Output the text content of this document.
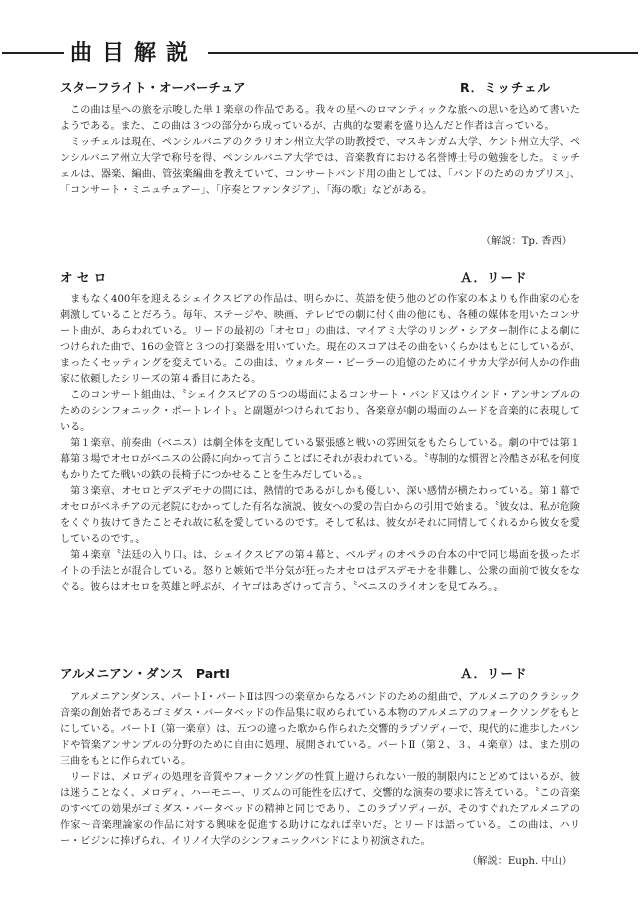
曲目解説
スターフライト・オーバーチュア	R．ミッチェル

この曲は星への旅を示唆した単１楽章の作品である。我々の星へのロマンティックな旅への思いを込めて書いたようである。また、この曲は３つの部分から成っているが、古典的な要素を盛り込んだと作者は言っている。

ミッチェルは現在、ペンシルバニアのクラリオン州立大学の助教授で、マスキンガム大学、ケント州立大学、ペンシルバニア州立大学で称号を得、ペンシルバニア大学では、音楽教育における名誉博士号の勉強をした。ミッチェルは、器楽、編曲、管弦楽編曲を教えていて、コンサートバンド用の曲としては、「バンドのためのカプリス」、「コンサート・ミニュチュアー」、「序奏とファンタジア」、「海の歌」などがある。

（解説：Tp. 香西）
オ セ ロ	Ａ．リード

まもなく400年を迎えるシェイクスピアの作品は、明らかに、英語を使う他のどの作家の本よりも作曲家の心を刺激していることだろう。毎年、ステージや、映画、テレビでの劇に付く曲の他にも、各種の媒体を用いたコンサート曲が、あらわれている。リードの最初の「オセロ」の曲は、マイアミ大学のリング・シアター制作による劇につけられた曲で、16の金管と３つの打楽器を用いていた。現在のスコアはその曲をいくらかはもとにしているが、まったくセッティングを変えている。この曲は、ウォルター・ビーラーの追憶のためにイサカ大学が何人かの作曲家に依頼したシリーズの第４番目にあたる。

このコンサート組曲は、〝シェイクスピアの５つの場面によるコンサート・バンド又はウインド・アンサンブルのためのシンフォニック・ポートレイト〟と副題がつけられており、各楽章が劇の場面のムードを音楽的に表現している。

第１楽章、前奏曲（ベニス）は劇全体を支配している緊張感と戦いの雰囲気をもたらしている。劇の中では第１幕第３場でオセロがベニスの公爵に向かって言うことばにそれが表われている。〝専制的な慣習と冷酷さが私を何度もかりたてた戦いの鉄の長椅子につかせることを生みだしている。〟

第３楽章、オセロとデスデモナの間には、熱情的であるがしかも優しい、深い感情が横たわっている。第１幕でオセロがベネチアの元老院にむかってした有名な演説、彼女への愛の告白からの引用で始まる。〝彼女は、私が危険をくぐり抜けてきたことそれ故に私を愛しているのです。そして私は、彼女がそれに同情してくれるから彼女を愛しているのです。〟

第４楽章〝法廷の入り口〟は、シェイクスピアの第４幕と、ベルディのオペラの台本の中で同じ場面を扱ったボイトの手法とが混合している。怒りと嫉妬で半分気が狂ったオセロはデスデモナを非難し、公衆の面前で彼女をなぐる。彼らはオセロを英雄と呼ぶが、イヤゴはあざけって言う、〝ベニスのライオンを見てみろ。〟

アルメニアン・ダンス　PartⅠ	Ａ．リード

アルメニアンダンス、パートⅠ・パートⅡは四つの楽章からなるバンドのための組曲で、アルメニアのクラシック音楽の創始者であるゴミダス・バータベッドの作品集に収められている本物のアルメニアのフォークソングをもとにしている。パートⅠ（第一楽章）は、五つの違った歌から作られた交響的ラプソディーで、現代的に進歩したバンドや管楽アンサンブルの分野のために自由に処理、展開されている。パートⅡ（第２、３、４楽章）は、また別の三曲をもとに作られている。

リードは、メロディの処理を音質やフォークソングの性質上避けられない一般的制限内にとどめてはいるが、彼は迷うことなく、メロディ、ハーモニー、リズムの可能性を広げて、交響的な演奏の要求に答えている。〝この音楽のすべての効果がゴミダス・バータベッドの精神と同じであり、このラプソディーが、そのすぐれたアルメニアの作家～音楽理論家の作品に対する興味を促進する助けになれば幸いだ〟とリードは語っている。この曲は、ハリー・ビジンに捧げられ、イリノイ大学のシンフォニックバンドにより初演された。

（解説：Euph. 中山）
